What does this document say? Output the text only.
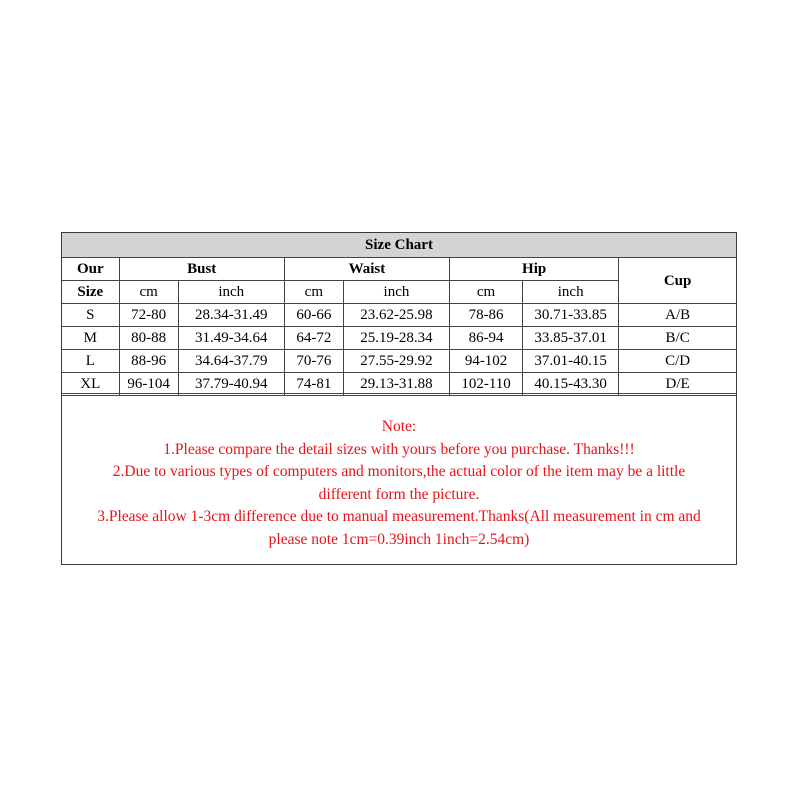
Size Chart							
Our	Bust		Waist		Hip		Cup
Size	cm	inch	cm	inch	cm	inch	
S	72-80	28.34-31.49	60-66	23.62-25.98	78-86	30.71-33.85	A/B
M	80-88	31.49-34.64	64-72	25.19-28.34	86-94	33.85-37.01	B/C
L	88-96	34.64-37.79	70-76	27.55-29.92	94-102	37.01-40.15	C/D
XL	96-104	37.79-40.94	74-81	29.13-31.88	102-110	40.15-43.30	D/E
Note:
1.Please compare the detail sizes with yours before you purchase. Thanks!!!
2.Due to various types of computers and monitors,the actual color of the item may be a little
different form the picture.
3.Please allow 1-3cm difference due to manual measurement.Thanks(All measurement in cm and
please note 1cm=0.39inch 1inch=2.54cm)
